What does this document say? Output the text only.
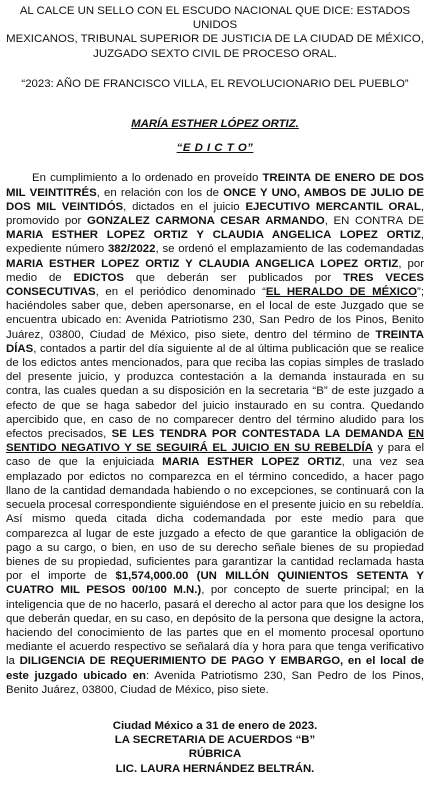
AL CALCE UN SELLO CON EL ESCUDO NACIONAL QUE DICE: ESTADOS UNIDOS
MEXICANOS, TRIBUNAL SUPERIOR DE JUSTICIA DE LA CIUDAD DE MÉXICO,
JUZGADO SEXTO CIVIL DE PROCESO ORAL.
“2023: AÑO DE FRANCISCO VILLA, EL REVOLUCIONARIO DEL PUEBLO”
MARÍA ESTHER LÓPEZ ORTIZ.
“E D I C T O”

En cumplimiento a lo ordenado en proveído TREINTA DE ENERO DE DOS MIL VEINTITRÉS, en relación con los de ONCE Y UNO, AMBOS DE JULIO DE DOS MIL VEINTIDÓS, dictados en el juicio EJECUTIVO MERCANTIL ORAL, promovido por GONZALEZ CARMONA CESAR ARMANDO, EN CONTRA DE MARIA ESTHER LOPEZ ORTIZ Y CLAUDIA ANGELICA LOPEZ ORTIZ, expediente número 382/2022, se ordenó el emplazamiento de las codemandadas MARIA ESTHER LOPEZ ORTIZ Y CLAUDIA ANGELICA LOPEZ ORTIZ, por medio de EDICTOS que deberán ser publicados por TRES VECES CONSECUTIVAS, en el periódico denominado “EL HERALDO DE MÉXICO”; haciéndoles saber que, deben apersonarse, en el local de este Juzgado que se encuentra ubicado en: Avenida Patriotismo 230, San Pedro de los Pinos, Benito Juárez, 03800, Ciudad de México, piso siete, dentro del término de TREINTA DÍAS, contados a partir del día siguiente al de al última publicación que se realice de los edictos antes mencionados, para que reciba las copias simples de traslado del presente juicio, y produzca contestación a la demanda instaurada en su contra, las cuales quedan a su disposición en la secretaria “B” de este juzgado a efecto de que se haga sabedor del juicio instaurado en su contra. Quedando apercibido que, en caso de no comparecer dentro del término aludido para los efectos precisados, SE LES TENDRA POR CONTESTADA LA DEMANDA EN SENTIDO NEGATIVO Y SE SEGUIRÁ EL JUICIO EN SU REBELDÍA y para el caso de que la enjuiciada MARIA ESTHER LOPEZ ORTIZ, una vez sea emplazado por edictos no comparezca en el término concedido, a hacer pago llano de la cantidad demandada habiendo o no excepciones, se continuará con la secuela procesal correspondiente siguiéndose en el presente juicio en su rebeldía. Así mismo queda citada dicha codemandada por este medio para que comparezca al lugar de este juzgado a efecto de que garantice la obligación de pago a su cargo, o bien, en uso de su derecho señale bienes de su propiedad bienes de su propiedad, suficientes para garantizar la cantidad reclamada hasta por el importe de $1,574,000.00 (UN MILLÓN QUINIENTOS SETENTA Y CUATRO MIL PESOS 00/100 M.N.), por concepto de suerte principal; en la inteligencia que de no hacerlo, pasará el derecho al actor para que los designe los que deberán quedar, en su caso, en depósito de la persona que designe la actora, haciendo del conocimiento de las partes que en el momento procesal oportuno mediante el acuerdo respectivo se señalará día y hora para que tenga verificativo la DILIGENCIA DE REQUERIMIENTO DE PAGO Y EMBARGO, en el local de este juzgado ubicado en: Avenida Patriotismo 230, San Pedro de los Pinos, Benito Juárez, 03800, Ciudad de México, piso siete.

Ciudad México a 31 de enero de 2023.
LA SECRETARIA DE ACUERDOS “B”
RÚBRICA
LIC. LAURA HERNÁNDEZ BELTRÁN.
